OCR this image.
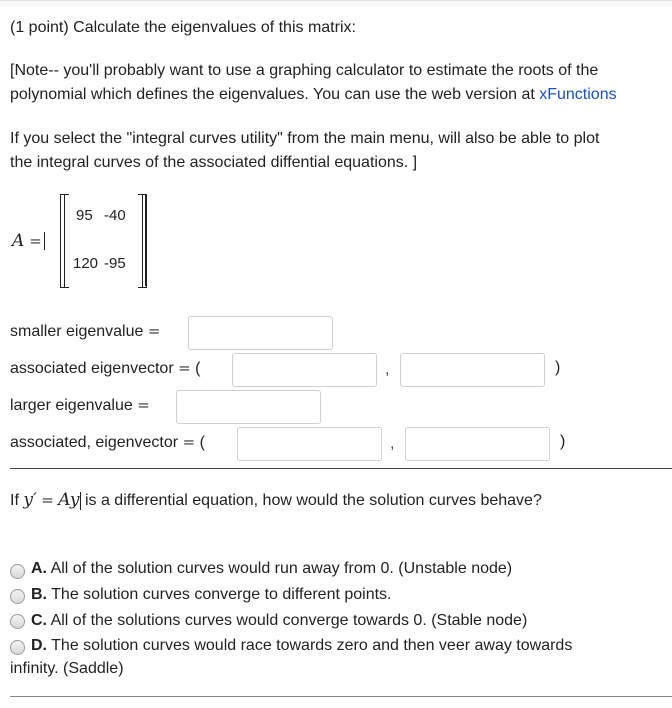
(1 point) Calculate the eigenvalues of this matrix:
[Note-- you'll probably want to use a graphing calculator to estimate the roots of the
polynomial which defines the eigenvalues. You can use the web version at xFunctions
If you select the "integral curves utility" from the main menu, will also be able to plot
the integral curves of the associated diffential equations. ]
A =
95 -40
120 -95
smaller eigenvalue =
associated eigenvector = (	,	)
larger eigenvalue =
associated, eigenvector = (	,	)
If y′ = Ay is a differential equation, how would the solution curves behave?
A. All of the solution curves would run away from 0. (Unstable node)
B. The solution curves converge to different points.
C. All of the solutions curves would converge towards 0. (Stable node)
D. The solution curves would race towards zero and then veer away towards
infinity. (Saddle)
